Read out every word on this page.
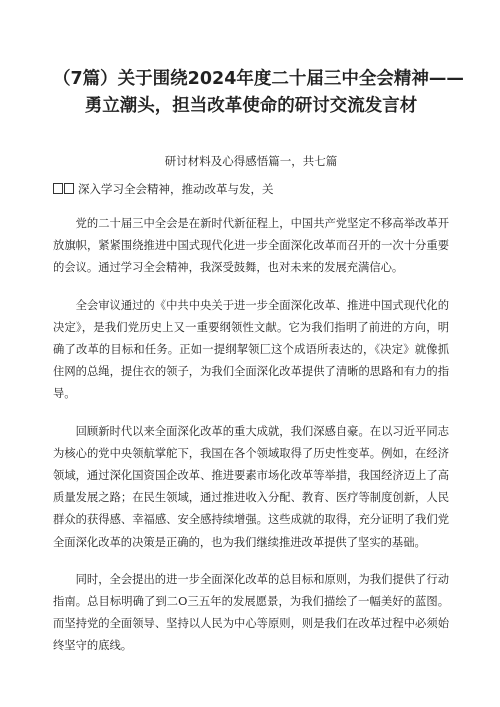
（7篇）关于围绕2024年度二十届三中全会精神——
勇立潮头，担当改革使命的研讨交流发言材
研讨材料及心得感悟篇一，共七篇
深入学习全会精神，推动改革与发，关

党的二十届三中全会是在新时代新征程上，中国共产党坚定不移高举改革开放旗帜，紧紧围绕推进中国式现代化进一步全面深化改革而召开的一次十分重要的会议。通过学习全会精神，我深受鼓舞，也对未来的发展充满信心。

全会审议通过的《中共中央关于进一步全面深化改革、推进中国式现代化的决定》，是我们党历史上又一重要纲领性文献。它为我们指明了前进的方向，明确了改革的目标和任务。正如一提纲挈领匚这个成语所表达的，《决定》就像抓住网的总绳，提住衣的领子，为我们全面深化改革提供了清晰的思路和有力的指导。

回顾新时代以来全面深化改革的重大成就，我们深感自豪。在以习近平同志为核心的党中央领航掌舵下，我国在各个领域取得了历史性变革。例如，在经济领域，通过深化国资国企改革、推进要素市场化改革等举措，我国经济迈上了高质量发展之路；在民生领域，通过推进收入分配、教育、医疗等制度创新，人民群众的获得感、幸福感、安全感持续增强。这些成就的取得，充分证明了我们党全面深化改革的决策是正确的，也为我们继续推进改革提供了坚实的基础。

同时，全会提出的进一步全面深化改革的总目标和原则，为我们提供了行动指南。总目标明确了到二O三五年的发展愿景，为我们描绘了一幅美好的蓝图。而坚持党的全面领导、坚持以人民为中心等原则，则是我们在改革过程中必须始终坚守的底线。
